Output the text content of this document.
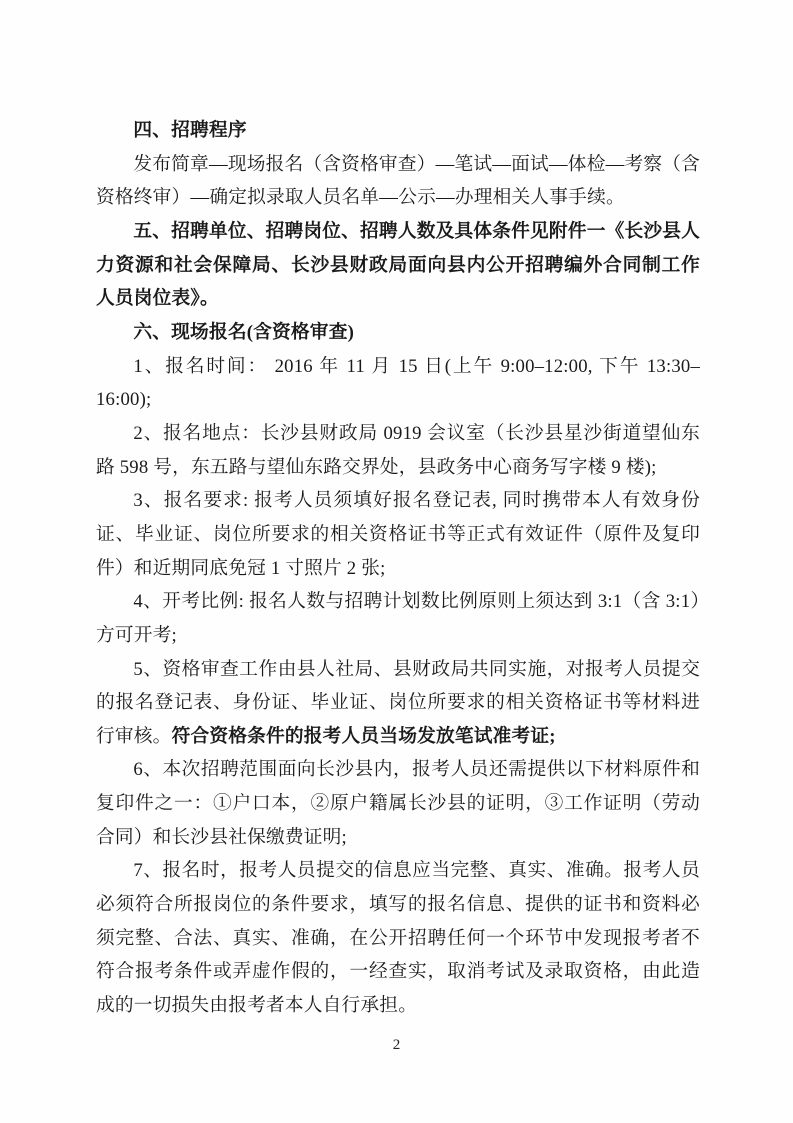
四、招聘程序

发布简章—现场报名（含资格审查）—笔试—面试—体检—考察（含资格终审）—确定拟录取人员名单—公示—办理相关人事手续。

五、招聘单位、招聘岗位、招聘人数及具体条件见附件一《长沙县人力资源和社会保障局、长沙县财政局面向县内公开招聘编外合同制工作人员岗位表》。

六、现场报名(含资格审查)

1、报名时间： 2016 年 11 月 15 日(上午 9:00–12:00, 下午 13:30–16:00);

2、报名地点：长沙县财政局 0919 会议室（长沙县星沙街道望仙东路 598 号，东五路与望仙东路交界处，县政务中心商务写字楼 9 楼);

3、报名要求: 报考人员须填好报名登记表, 同时携带本人有效身份证、毕业证、岗位所要求的相关资格证书等正式有效证件（原件及复印件）和近期同底免冠 1 寸照片 2 张;

4、开考比例: 报名人数与招聘计划数比例原则上须达到 3:1（含 3:1）方可开考;

5、资格审查工作由县人社局、县财政局共同实施，对报考人员提交的报名登记表、身份证、毕业证、岗位所要求的相关资格证书等材料进行审核。符合资格条件的报考人员当场发放笔试准考证;

6、本次招聘范围面向长沙县内，报考人员还需提供以下材料原件和复印件之一：①户口本，②原户籍属长沙县的证明，③工作证明（劳动合同）和长沙县社保缴费证明;

7、报名时，报考人员提交的信息应当完整、真实、准确。报考人员必须符合所报岗位的条件要求，填写的报名信息、提供的证书和资料必须完整、合法、真实、准确，在公开招聘任何一个环节中发现报考者不符合报考条件或弄虚作假的，一经查实，取消考试及录取资格，由此造成的一切损失由报考者本人自行承担。

2
